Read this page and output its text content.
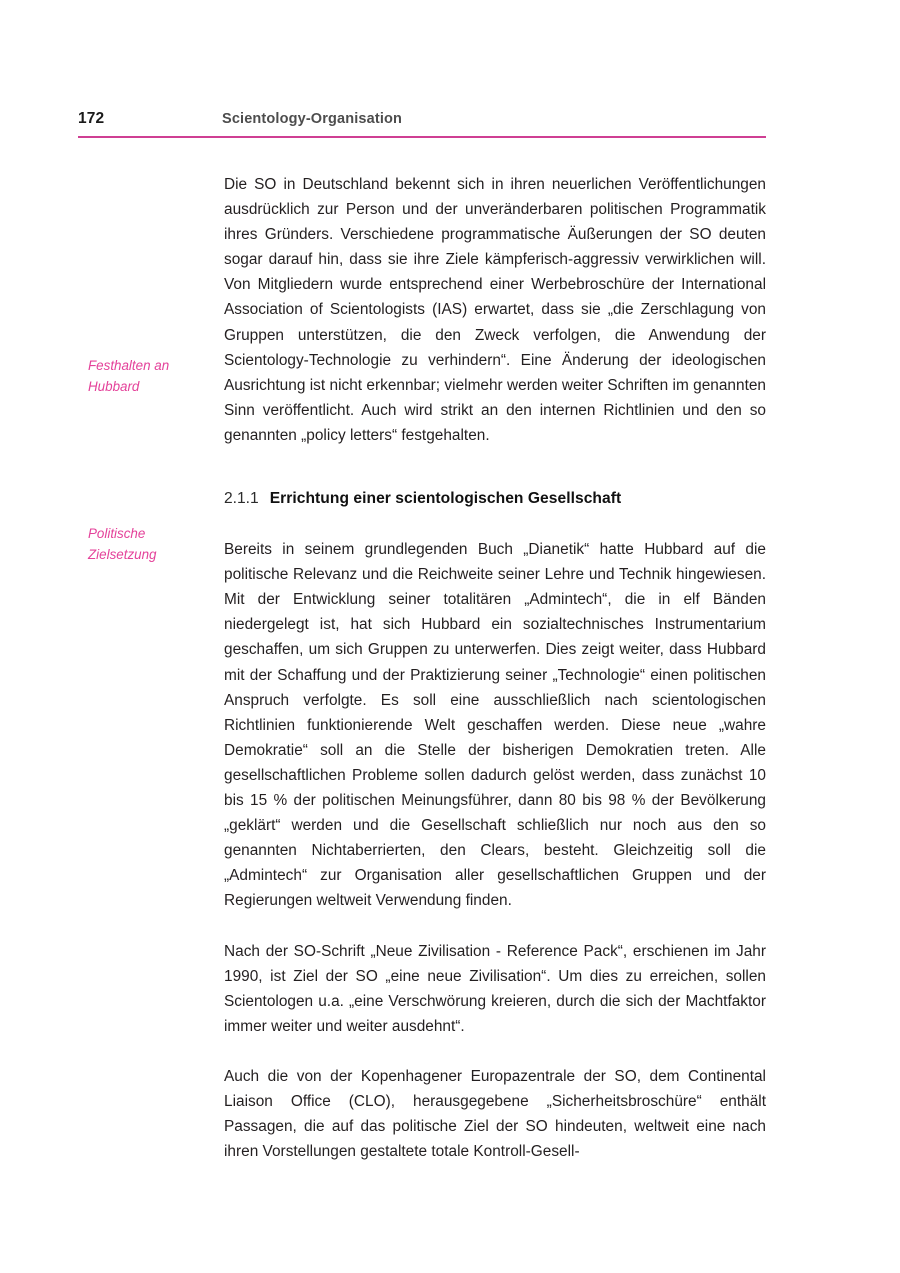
172	Scientology-Organisation
Festhalten an
Hubbard
Politische
Zielsetzung

Die SO in Deutschland bekennt sich in ihren neuerlichen Veröffentlichungen ausdrücklich zur Person und der unveränderbaren politischen Programmatik ihres Gründers. Verschiedene programmatische Äußerungen der SO deuten sogar darauf hin, dass sie ihre Ziele kämpferisch-aggressiv verwirklichen will. Von Mitgliedern wurde entsprechend einer Werbebroschüre der International Association of Scientologists (IAS) erwartet, dass sie „die Zerschlagung von Gruppen unterstützen, die den Zweck verfolgen, die Anwendung der Scientology-Technologie zu verhindern“. Eine Änderung der ideologischen Ausrichtung ist nicht erkennbar; vielmehr werden weiter Schriften im genannten Sinn veröffentlicht. Auch wird strikt an den internen Richtlinien und den so genannten „policy letters“ festgehalten.

2.1.1 Errichtung einer scientologischen Gesellschaft

Bereits in seinem grundlegenden Buch „Dianetik“ hatte Hubbard auf die politische Relevanz und die Reichweite seiner Lehre und Technik hingewiesen. Mit der Entwicklung seiner totalitären „Admintech“, die in elf Bänden niedergelegt ist, hat sich Hubbard ein sozialtechnisches Instrumentarium geschaffen, um sich Gruppen zu unterwerfen. Dies zeigt weiter, dass Hubbard mit der Schaffung und der Praktizierung seiner „Technologie“ einen politischen Anspruch verfolgte. Es soll eine ausschließlich nach scientologischen Richtlinien funktionierende Welt geschaffen werden. Diese neue „wahre Demokratie“ soll an die Stelle der bisherigen Demokratien treten. Alle gesellschaftlichen Probleme sollen dadurch gelöst werden, dass zunächst 10 bis 15 % der politischen Meinungsführer, dann 80 bis 98 % der Bevölkerung „geklärt“ werden und die Gesellschaft schließlich nur noch aus den so genannten Nichtaberrierten, den Clears, besteht. Gleichzeitig soll die „Admintech“ zur Organisation aller gesellschaftlichen Gruppen und der Regierungen weltweit Verwendung finden.

Nach der SO-Schrift „Neue Zivilisation - Reference Pack“, erschienen im Jahr 1990, ist Ziel der SO „eine neue Zivilisation“. Um dies zu erreichen, sollen Scientologen u.a. „eine Verschwörung kreieren, durch die sich der Machtfaktor immer weiter und weiter ausdehnt“.

Auch die von der Kopenhagener Europazentrale der SO, dem Continental Liaison Office (CLO), herausgegebene „Sicherheitsbroschüre“ enthält Passagen, die auf das politische Ziel der SO hindeuten, weltweit eine nach ihren Vorstellungen gestaltete totale Kontroll-Gesell-
